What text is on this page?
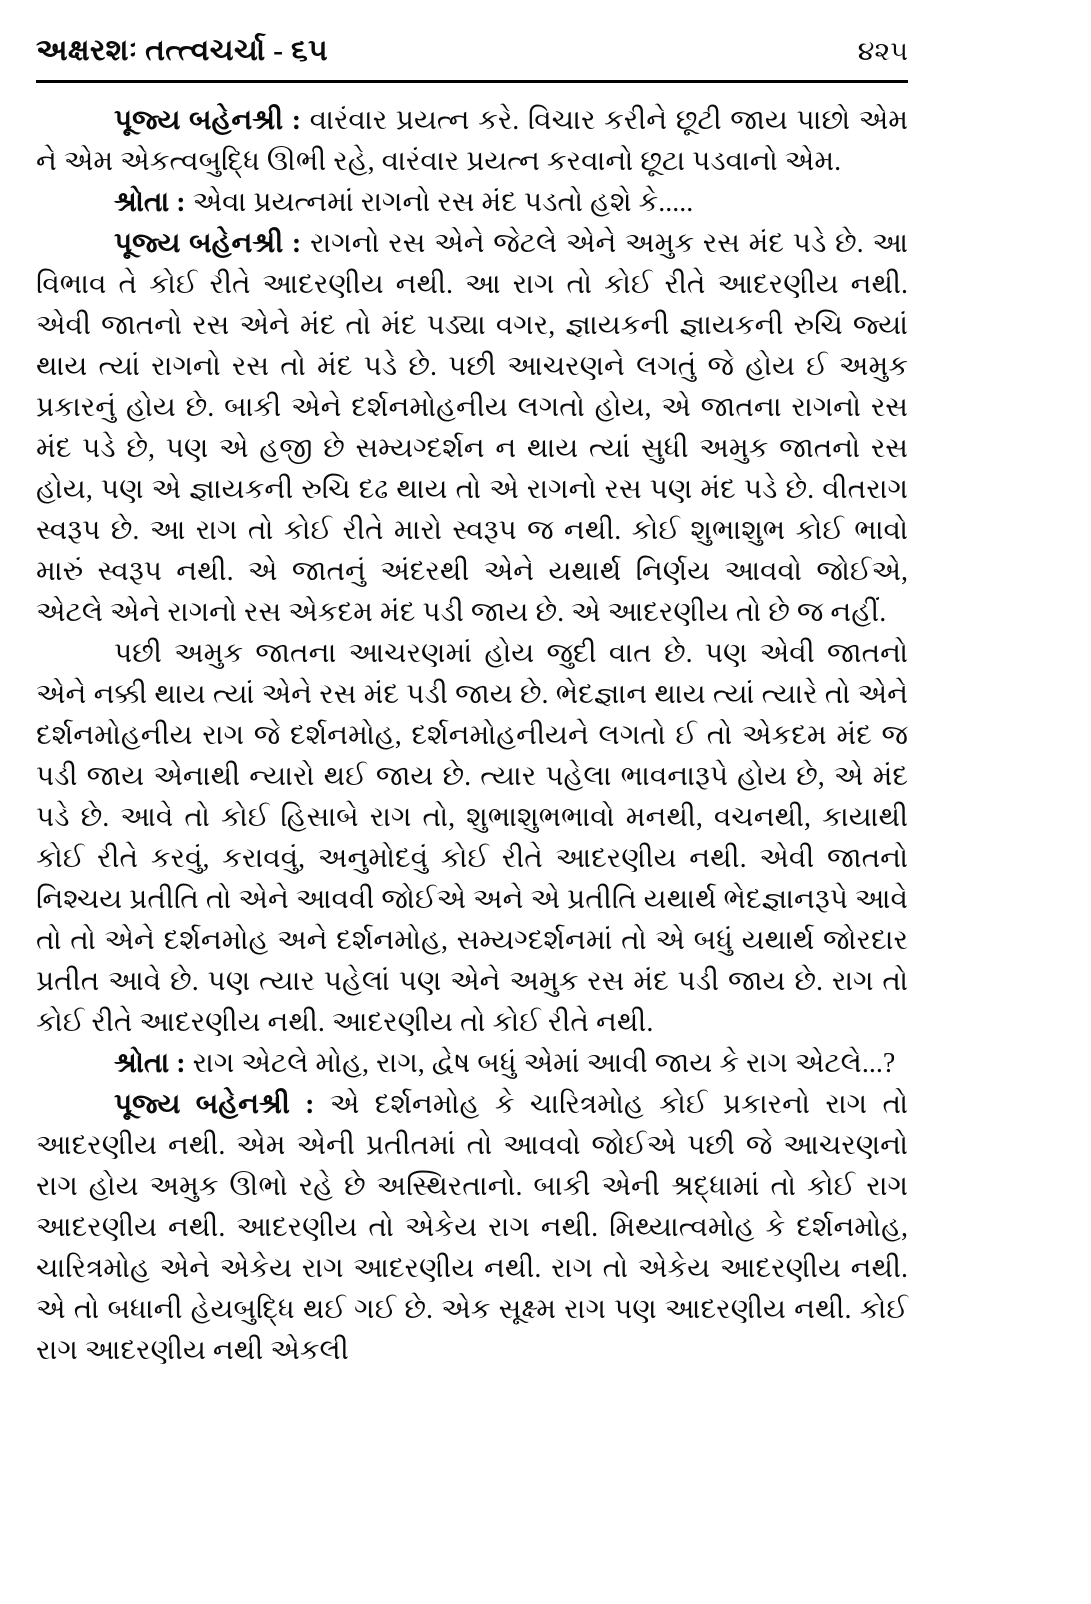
અક્ષરશઃ તત્ત્વચર્ચા - ૬૫	૪૨૫

પૂજ્ય બહેનશ્રી : વારંવાર પ્રયત્ન કરે. વિચાર કરીને છૂટી જાય પાછો એમ ને એમ એકત્વબુદ્ધિ ઊભી રહે, વારંવાર પ્રયત્ન કરવાનો છૂટા પડવાનો એમ.

શ્રોતા : એવા પ્રયત્નમાં રાગનો રસ મંદ પડતો હશે કે.....

પૂજ્ય બહેનશ્રી : રાગનો રસ એને જેટલે એને અમુક રસ મંદ પડે છે. આ વિભાવ તે કોઈ રીતે આદરણીય નથી. આ રાગ તો કોઈ રીતે આદરણીય નથી. એવી જાતનો રસ એને મંદ તો મંદ પડ્યા વગર, જ્ઞાયકની જ્ઞાયકની રુચિ જ્યાં થાય ત્યાં રાગનો રસ તો મંદ પડે છે. પછી આચરણને લગતું જે હોય ઈ અમુક પ્રકારનું હોય છે. બાકી એને દર્શનમોહનીય લગતો હોય, એ જાતના રાગનો રસ મંદ પડે છે, પણ એ હજી છે સમ્યગ્દર્શન ન થાય ત્યાં સુધી અમુક જાતનો રસ હોય, પણ એ જ્ઞાયકની રુચિ દઢ થાય તો એ રાગનો રસ પણ મંદ પડે છે. વીતરાગ સ્વરૂપ છે. આ રાગ તો કોઈ રીતે મારો સ્વરૂપ જ નથી. કોઈ શુભાશુભ કોઈ ભાવો મારું સ્વરૂપ નથી. એ જાતનું અંદરથી એને યથાર્થ નિર્ણય આવવો જોઈએ, એટલે એને રાગનો રસ એકદમ મંદ પડી જાય છે. એ આદરણીય તો છે જ નહીં.

પછી અમુક જાતના આચરણમાં હોય જુદી વાત છે. પણ એવી જાતનો એને નક્કી થાય ત્યાં એને રસ મંદ પડી જાય છે. ભેદજ્ઞાન થાય ત્યાં ત્યારે તો એને દર્શનમોહનીય રાગ જે દર્શનમોહ, દર્શનમોહનીયને લગતો ઈ તો એકદમ મંદ જ પડી જાય એનાથી ન્યારો થઈ જાય છે. ત્યાર પહેલા ભાવનારૂપે હોય છે, એ મંદ પડે છે. આવે તો કોઈ હિસાબે રાગ તો, શુભાશુભભાવો મનથી, વચનથી, કાયાથી કોઈ રીતે કરવું, કરાવવું, અનુમોદવું કોઈ રીતે આદરણીય નથી. એવી જાતનો નિશ્ચય પ્રતીતિ તો એને આવવી જોઈએ અને એ પ્રતીતિ યથાર્થ ભેદજ્ઞાનરૂપે આવે તો તો એને દર્શનમોહ અને દર્શનમોહ, સમ્યગ્દર્શનમાં તો એ બધું યથાર્થ જોરદાર પ્રતીત આવે છે. પણ ત્યાર પહેલાં પણ એને અમુક રસ મંદ પડી જાય છે. રાગ તો કોઈ રીતે આદરણીય નથી. આદરણીય તો કોઈ રીતે નથી.

શ્રોતા : રાગ એટલે મોહ, રાગ, દ્વેષ બધું એમાં આવી જાય કે રાગ એટલે...?

પૂજ્ય બહેનશ્રી : એ દર્શનમોહ કે ચારિત્રમોહ કોઈ પ્રકારનો રાગ તો આદરણીય નથી. એમ એની પ્રતીતમાં તો આવવો જોઈએ પછી જે આચરણનો રાગ હોય અમુક ઊભો રહે છે અસ્થિરતાનો. બાકી એની શ્રદ્ધામાં તો કોઈ રાગ આદરણીય નથી. આદરણીય તો એકેય રાગ નથી. મિથ્યાત્વમોહ કે દર્શનમોહ, ચારિત્રમોહ એને એકેય રાગ આદરણીય નથી. રાગ તો એકેય આદરણીય નથી. એ તો બધાની હેયબુદ્ધિ થઈ ગઈ છે. એક સૂક્ષ્મ રાગ પણ આદરણીય નથી. કોઈ રાગ આદરણીય નથી એકલી
